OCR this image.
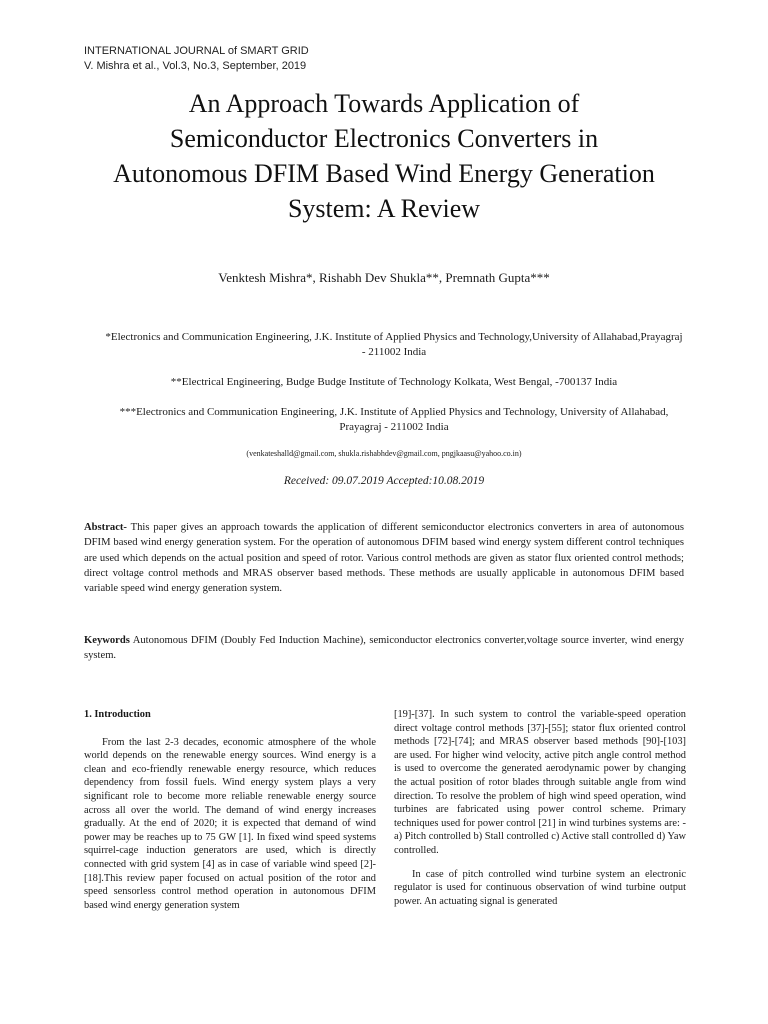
INTERNATIONAL JOURNAL of SMART GRID
V. Mishra et al., Vol.3, No.3, September, 2019
An Approach Towards Application of
Semiconductor Electronics Converters in
Autonomous DFIM Based Wind Energy Generation
System: A Review
Venktesh Mishra*, Rishabh Dev Shukla**, Premnath Gupta***
*Electronics and Communication Engineering, J.K. Institute of Applied Physics and Technology,University of Allahabad,Prayagraj - 211002 India
**Electrical Engineering, Budge Budge Institute of Technology Kolkata, West Bengal, -700137 India
***Electronics and Communication Engineering, J.K. Institute of Applied Physics and Technology, University of Allahabad, Prayagraj - 211002 India
(venkateshalld@gmail.com, shukla.rishabhdev@gmail.com, pngjkaasu@yahoo.co.in)
Received: 09.07.2019 Accepted:10.08.2019
Abstract- This paper gives an approach towards the application of different semiconductor electronics converters in area of autonomous DFIM based wind energy generation system. For the operation of autonomous DFIM based wind energy system different control techniques are used which depends on the actual position and speed of rotor. Various control methods are given as stator flux oriented control methods; direct voltage control methods and MRAS observer based methods. These methods are usually applicable in autonomous DFIM based variable speed wind energy generation system.
Keywords Autonomous DFIM (Doubly Fed Induction Machine), semiconductor electronics converter,voltage source inverter, wind energy system.
1. Introduction
From the last 2-3 decades, economic atmosphere of the whole world depends on the renewable energy sources. Wind energy is a clean and eco-friendly renewable energy resource, which reduces dependency from fossil fuels. Wind energy system plays a very significant role to become more reliable renewable energy source across all over the world. The demand of wind energy increases gradually. At the end of 2020; it is expected that demand of wind power may be reaches up to 75 GW [1]. In fixed wind speed systems squirrel-cage induction generators are used, which is directly connected with grid system [4] as in case of variable wind speed [2]-[18].This review paper focused on actual position of the rotor and speed sensorless control method operation in autonomous DFIM based wind energy generation system
[19]-[37]. In such system to control the variable-speed operation direct voltage control methods [37]-[55]; stator flux oriented control methods [72]-[74]; and MRAS observer based methods [90]-[103] are used. For higher wind velocity, active pitch angle control method is used to overcome the generated aerodynamic power by changing the actual position of rotor blades through suitable angle from wind direction. To resolve the problem of high wind speed operation, wind turbines are fabricated using power control scheme. Primary techniques used for power control [21] in wind turbines systems are: - a) Pitch controlled b) Stall controlled c) Active stall controlled d) Yaw controlled.
In case of pitch controlled wind turbine system an electronic regulator is used for continuous observation of wind turbine output power. An actuating signal is generated
